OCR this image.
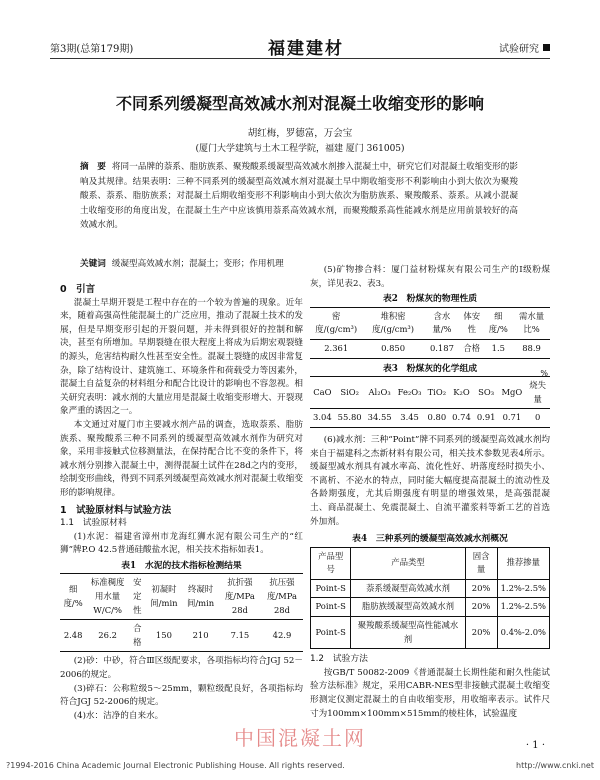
第3期(总第179期)	福建建材	试验研究
不同系列缓凝型高效减水剂对混凝土收缩变形的影响
胡红梅，罗德富，万会宝
(厦门大学建筑与土木工程学院，福建 厦门 361005)
摘　要 将同一品牌的萘系、脂肪族系、聚羧酸系缓凝型高效减水剂掺入混凝土中，研究它们对混凝土收缩变形的影响及其规律。结果表明：三种不同系列的缓凝型高效减水剂对混凝土早中期收缩变形不利影响由小到大依次为聚羧酸系、萘系、脂肪族系；对混凝土后期收缩变形不利影响由小到大依次为脂肪族系、聚羧酸系、萘系。从减小混凝土收缩变形的角度出发，在混凝土生产中应该慎用萘系高效减水剂，而聚羧酸系高性能减水剂是应用前景较好的高效减水剂。
关键词 缓凝型高效减水剂；混凝土；变形；作用机理
0　引言
混凝土早期开裂是工程中存在的一个较为普遍的现象。近年来，随着高强高性能混凝土的广泛应用，推动了混凝土技术的发展，但是早期变形引起的开裂问题，并未得到很好的控制和解决，甚至有所增加。早期裂缝在很大程度上将成为后期宏观裂缝的源头，危害结构耐久性甚至安全性。混凝土裂缝的成因非常复杂，除了结构设计、建筑施工、环境条件和荷载受力等因素外，混凝土自益复杂的材料组分和配合比设计的影响也不容忽视。相关研究表明：减水剂的大量应用是混凝土收缩变形增大、开裂现象严重的诱因之一。
本文通过对厦门市主要减水剂产品的调查，选取萘系、脂肪族系、聚羧酸系三种不同系列的缓凝型高效减水剂作为研究对象，采用非接触式位移测量法，在保持配合比不变的条件下，将减水剂分别掺入混凝土中，测得混凝土试件在28d之内的变形，绘制变形曲线，得到不同系列缓凝型高效减水剂对混凝土收缩变形的影响规律。
1　试验原材料与试验方法
1.1　试验原材料
(1)水泥：福建省漳州市龙海红狮水泥有限公司生产的“红狮”牌P.O 42.5普通硅酸盐水泥，相关技术指标如表1。
表1　水泥的技术指标检测结果
细度/%	标准稠度用水量W/C/%	安定性	初凝时间/min	终凝时间/min	抗折强度/MPa 28d	抗压强度/MPa 28d
2.48	26.2	合格	150	210	7.15	42.9
(2)砂：中砂，符合Ⅲ区级配要求，各项指标均符合JGJ 52－2006的规定。
(3)碎石：公称粒级5～25mm，颗粒级配良好，各项指标均符合JGJ 52-2006的规定。
(4)水：洁净的自来水。
(5)矿物掺合料：厦门益材粉煤灰有限公司生产的Ⅰ级粉煤灰，详见表2、表3。
表2　粉煤灰的物理性质
密度/(g/cm³)	堆积密度/(g/cm³)	含水量/%	体安性	细度/%	需水量比%
2.361	0.850	0.187	合格	1.5	88.9
表3　粉煤灰的化学组成	%
CaO	SiO₂	Al₂O₃	Fe₂O₃	TiO₂	K₂O	SO₃	MgO	烧失量
3.04	55.80	34.55	3.45	0.80	0.74	0.91	0.71	0
(6)减水剂：三种“Point”牌不同系列的缓凝型高效减水剂均来自于福建科之杰新材料有限公司，相关技术参数见表4所示。缓凝型减水剂具有减水率高、流化性好、坍落度经时损失小、不离析、不泌水的特点，同时能大幅度提高混凝土的流动性及各龄期强度，尤其后期强度有明显的增强效果，是高强混凝土、商品混凝土、免震混凝土、自流平灌浆料等新工艺的首选外加剂。
表4　三种系列的缓凝型高效减水剂概况
产品型号	产品类型	固含量	推荐掺量
Point-S	萘系缓凝型高效减水剂	20%	1.2%-2.5%
Point-S	脂肪族缓凝型高效减水剂	20%	1.2%-2.5%
Point-S	聚羧酸系缓凝型高性能减水剂	20%	0.4%-2.0%
1.2　试验方法
按GB/T 50082-2009《普通混凝土长期性能和耐久性能试验方法标准》规定，采用CABR-NES型非接触式混凝土收缩变形测定仪测定混凝土的自由收缩变形，用收缩率表示。试件尺寸为100mm×100mm×515mm的棱柱体，试验温度
中国混凝土网	· 1 ·
?1994-2016 China Academic Journal Electronic Publishing House. All rights reserved.	http://www.cnki.net
